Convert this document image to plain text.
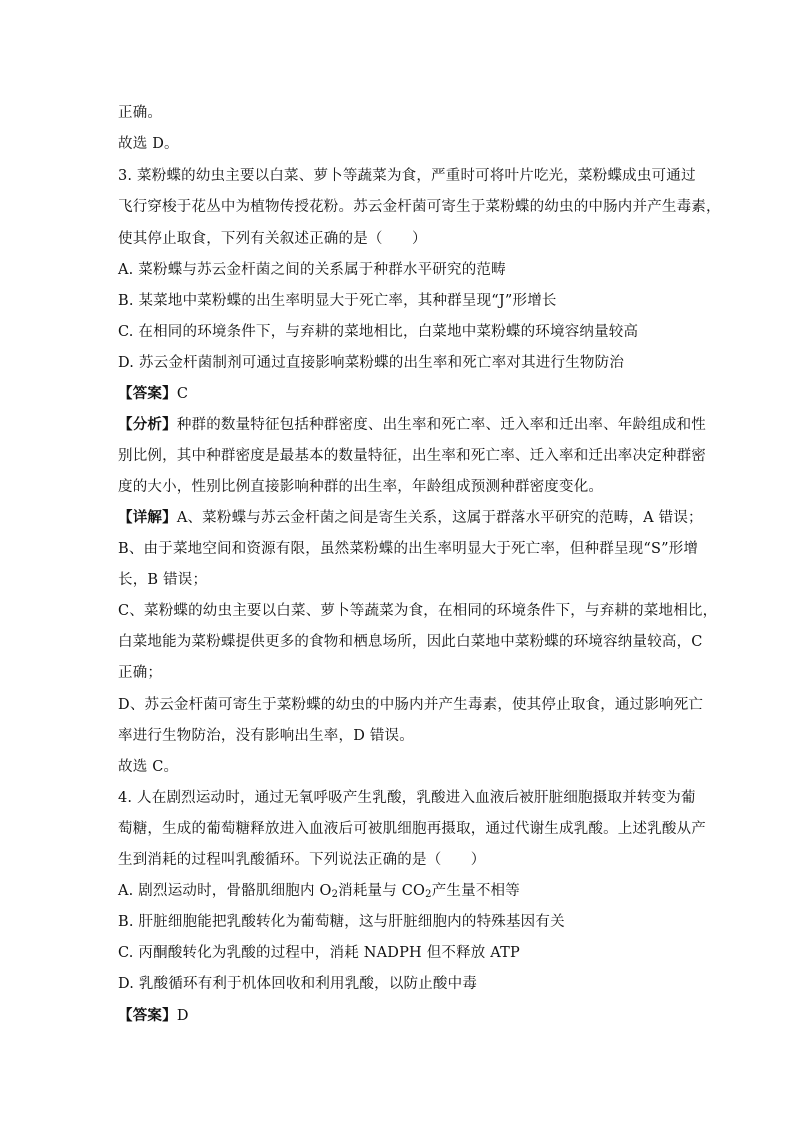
正确。
故选 D。
3. 菜粉蝶的幼虫主要以白菜、萝卜等蔬菜为食，严重时可将叶片吃光，菜粉蝶成虫可通过
飞行穿梭于花丛中为植物传授花粉。苏云金杆菌可寄生于菜粉蝶的幼虫的中肠内并产生毒素，
使其停止取食，下列有关叙述正确的是（　　）
A. 菜粉蝶与苏云金杆菌之间的关系属于种群水平研究的范畴
B. 某菜地中菜粉蝶的出生率明显大于死亡率，其种群呈现“J”形增长
C. 在相同的环境条件下，与弃耕的菜地相比，白菜地中菜粉蝶的环境容纳量较高
D. 苏云金杆菌制剂可通过直接影响菜粉蝶的出生率和死亡率对其进行生物防治
【答案】C
【分析】种群的数量特征包括种群密度、出生率和死亡率、迁入率和迁出率、年龄组成和性
别比例，其中种群密度是最基本的数量特征，出生率和死亡率、迁入率和迁出率决定种群密
度的大小，性别比例直接影响种群的出生率，年龄组成预测种群密度变化。
【详解】A、菜粉蝶与苏云金杆菌之间是寄生关系，这属于群落水平研究的范畴，A 错误；
B、由于菜地空间和资源有限，虽然菜粉蝶的出生率明显大于死亡率，但种群呈现“S”形增
长，B 错误；
C、菜粉蝶的幼虫主要以白菜、萝卜等蔬菜为食，在相同的环境条件下，与弃耕的菜地相比，
白菜地能为菜粉蝶提供更多的食物和栖息场所，因此白菜地中菜粉蝶的环境容纳量较高，C
正确；
D、苏云金杆菌可寄生于菜粉蝶的幼虫的中肠内并产生毒素，使其停止取食，通过影响死亡
率进行生物防治，没有影响出生率，D 错误。
故选 C。
4. 人在剧烈运动时，通过无氧呼吸产生乳酸，乳酸进入血液后被肝脏细胞摄取并转变为葡
萄糖，生成的葡萄糖释放进入血液后可被肌细胞再摄取，通过代谢生成乳酸。上述乳酸从产
生到消耗的过程叫乳酸循环。下列说法正确的是（　　）
A. 剧烈运动时，骨骼肌细胞内 $O_2$消耗量与 $CO_2$产生量不相等
B. 肝脏细胞能把乳酸转化为葡萄糖，这与肝脏细胞内的特殊基因有关
C. 丙酮酸转化为乳酸的过程中，消耗 NADPH 但不释放 ATP
D. 乳酸循环有利于机体回收和利用乳酸，以防止酸中毒
【答案】D
